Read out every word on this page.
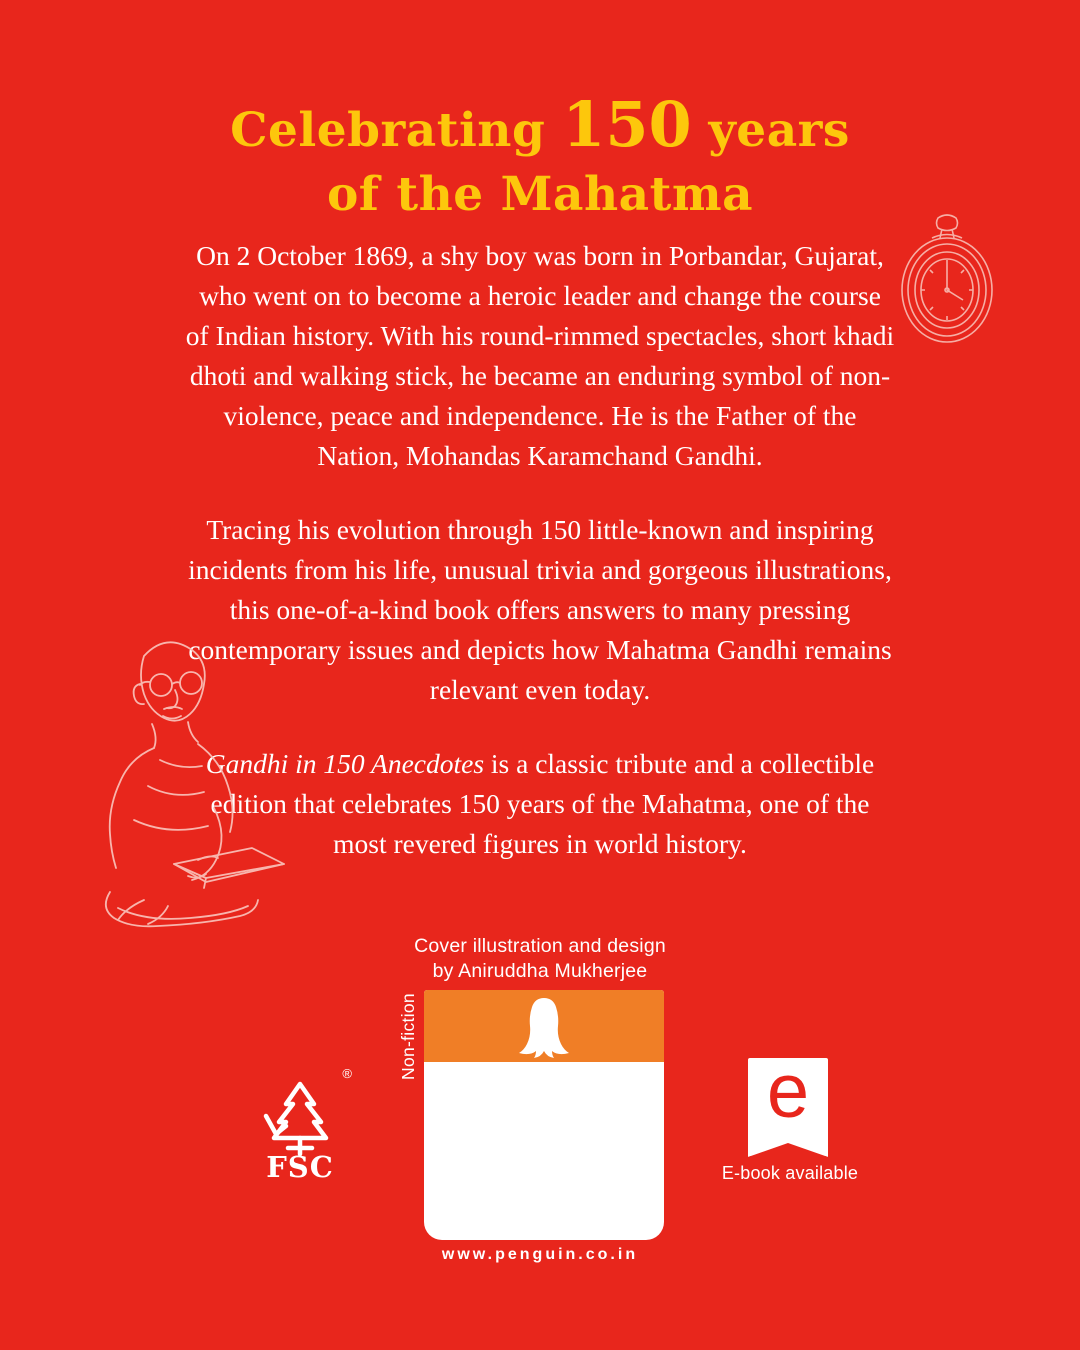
Celebrating 150 years
of the Mahatma

On 2 October 1869, a shy boy was born in Porbandar, Gujarat, who went on to become a heroic leader and change the course of Indian history. With his round-rimmed spectacles, short khadi dhoti and walking stick, he became an enduring symbol of non-violence, peace and independence. He is the Father of the Nation, Mohandas Karamchand Gandhi.

Tracing his evolution through 150 little-known and inspiring incidents from his life, unusual trivia and gorgeous illustrations, this one-of-a-kind book offers answers to many pressing contemporary issues and depicts how Mahatma Gandhi remains relevant even today.

Gandhi in 150 Anecdotes is a classic tribute and a collectible edition that celebrates 150 years of the Mahatma, one of the most revered figures in world history.

Cover illustration and design
by Aniruddha Mukherjee
Non-fiction
www.penguin.co.in
®
FSC
e
E-book available
